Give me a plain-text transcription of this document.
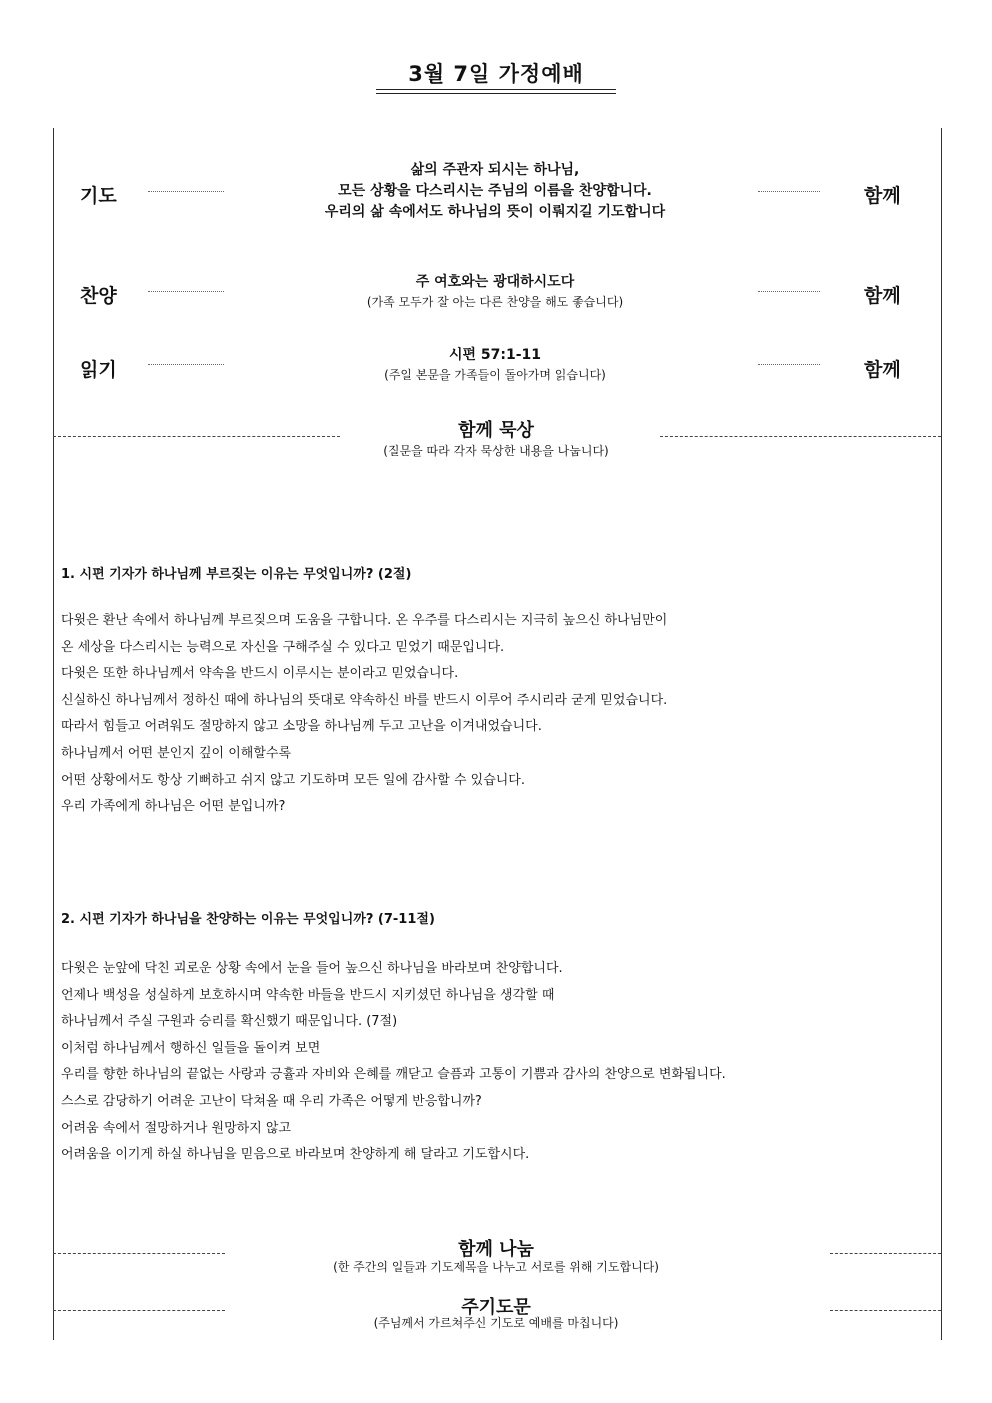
3월 7일 가정예배
기도
삶의 주관자 되시는 하나님,
모든 상황을 다스리시는 주님의 이름을 찬양합니다.
우리의 삶 속에서도 하나님의 뜻이 이뤄지길 기도합니다
함께
찬양
주 여호와는 광대하시도다
(가족 모두가 잘 아는 다른 찬양을 해도 좋습니다)	함께
읽기
시편 57:1-11
(주일 본문을 가족들이 돌아가며 읽습니다)	함께
함께 묵상
(질문을 따라 각자 묵상한 내용을 나눕니다)
1. 시편 기자가 하나님께 부르짖는 이유는 무엇입니까? (2절)
다윗은 환난 속에서 하나님께 부르짖으며 도움을 구합니다. 온 우주를 다스리시는 지극히 높으신 하나님만이
온 세상을 다스리시는 능력으로 자신을 구해주실 수 있다고 믿었기 때문입니다.
다윗은 또한 하나님께서 약속을 반드시 이루시는 분이라고 믿었습니다.
신실하신 하나님께서 정하신 때에 하나님의 뜻대로 약속하신 바를 반드시 이루어 주시리라 굳게 믿었습니다.
따라서 힘들고 어려워도 절망하지 않고 소망을 하나님께 두고 고난을 이겨내었습니다.
하나님께서 어떤 분인지 깊이 이해할수록
어떤 상황에서도 항상 기뻐하고 쉬지 않고 기도하며 모든 일에 감사할 수 있습니다.
우리 가족에게 하나님은 어떤 분입니까?
2. 시편 기자가 하나님을 찬양하는 이유는 무엇입니까? (7-11절)
다윗은 눈앞에 닥친 괴로운 상황 속에서 눈을 들어 높으신 하나님을 바라보며 찬양합니다.
언제나 백성을 성실하게 보호하시며 약속한 바들을 반드시 지키셨던 하나님을 생각할 때
하나님께서 주실 구원과 승리를 확신했기 때문입니다. (7절)
이처럼 하나님께서 행하신 일들을 돌이켜 보면
우리를 향한 하나님의 끝없는 사랑과 긍휼과 자비와 은혜를 깨닫고 슬픔과 고통이 기쁨과 감사의 찬양으로 변화됩니다.
스스로 감당하기 어려운 고난이 닥쳐올 때 우리 가족은 어떻게 반응합니까?
어려움 속에서 절망하거나 원망하지 않고
어려움을 이기게 하실 하나님을 믿음으로 바라보며 찬양하게 해 달라고 기도합시다.
함께 나눔
(한 주간의 일들과 기도제목을 나누고 서로를 위해 기도합니다)
주기도문
(주님께서 가르쳐주신 기도로 예배를 마칩니다)
